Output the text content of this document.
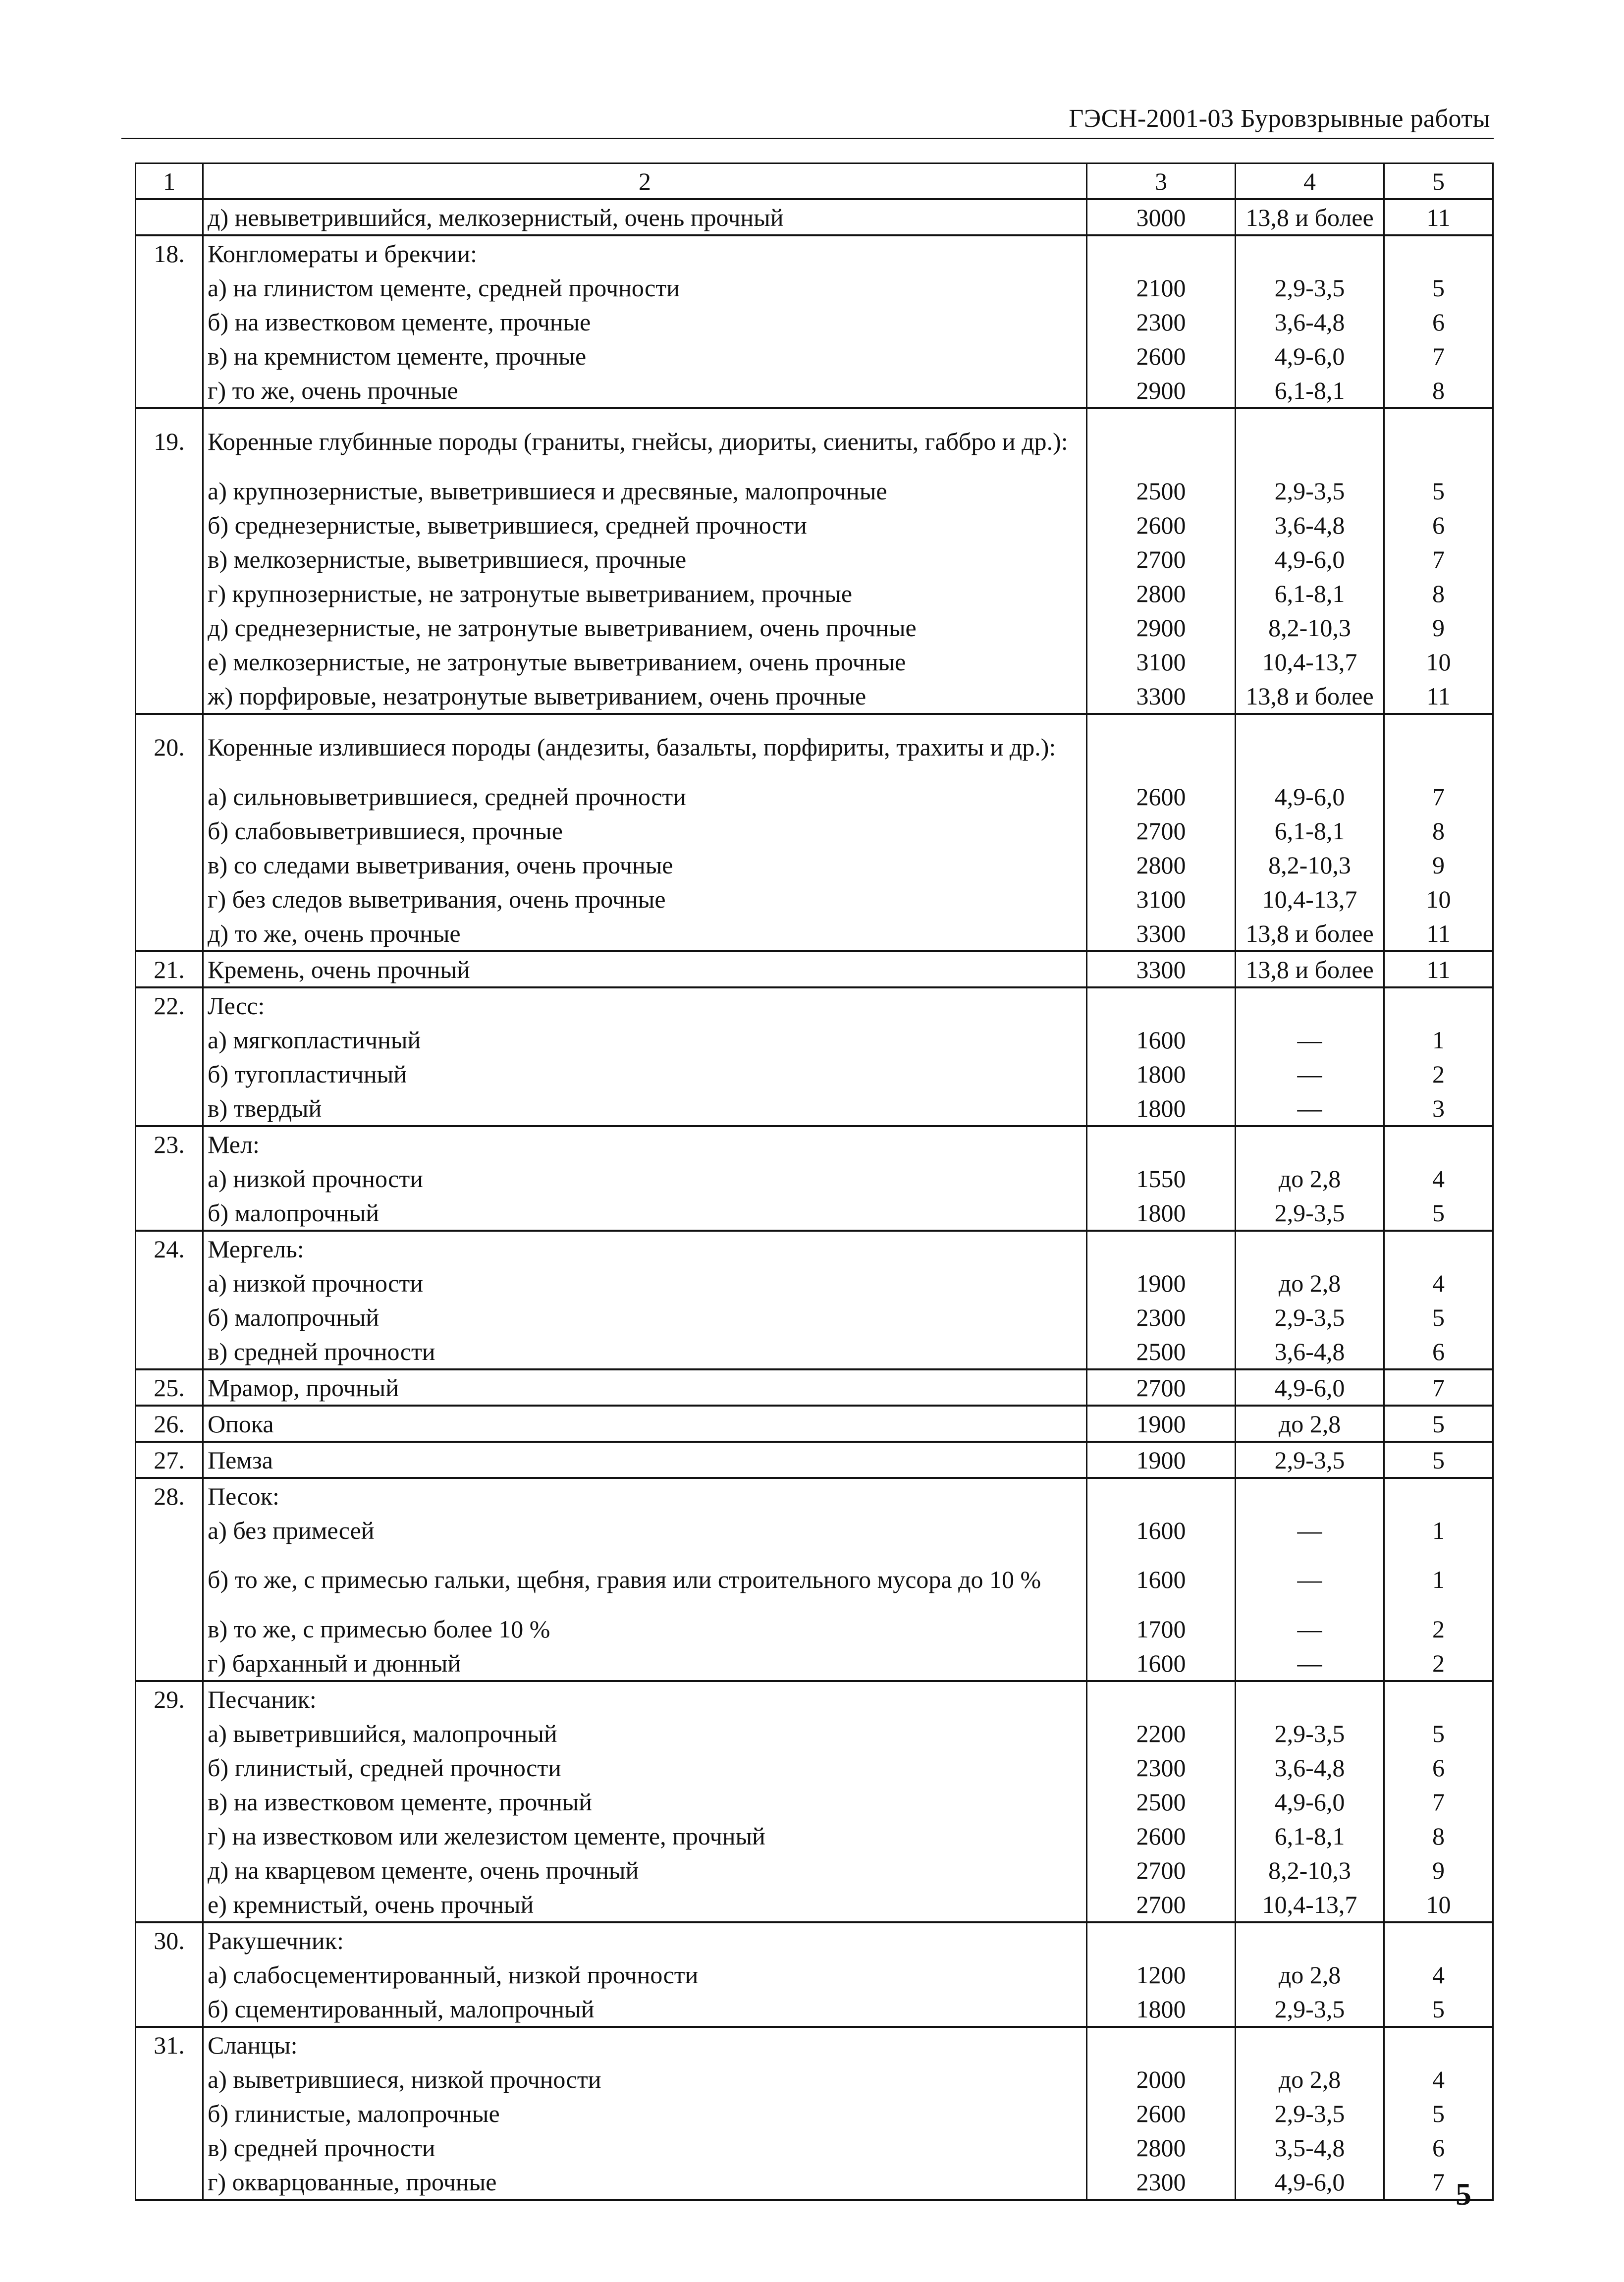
ГЭСН-2001-03 Буровзрывные работы
1	2	3	4	5
	д) невыветрившийся, мелкозернистый, очень прочный	3000	13,8 и более	11
18.	Конгломераты и брекчии:			
	а) на глинистом цементе, средней прочности	2100	2,9-3,5	5
	б) на известковом цементе, прочные	2300	3,6-4,8	6
	в) на кремнистом цементе, прочные	2600	4,9-6,0	7
	г) то же, очень прочные	2900	6,1-8,1	8
19.	Коренные глубинные породы (граниты, гнейсы, диориты, сиениты, габбро и др.):			
	а) крупнозернистые, выветрившиеся и дресвяные, малопрочные	2500	2,9-3,5	5
	б) среднезернистые, выветрившиеся, средней прочности	2600	3,6-4,8	6
	в) мелкозернистые, выветрившиеся, прочные	2700	4,9-6,0	7
	г) крупнозернистые, не затронутые выветриванием, прочные	2800	6,1-8,1	8
	д) среднезернистые, не затронутые выветриванием, очень прочные	2900	8,2-10,3	9
	е) мелкозернистые, не затронутые выветриванием, очень прочные	3100	10,4-13,7	10
	ж) порфировые, незатронутые выветриванием, очень прочные	3300	13,8 и более	11
20.	Коренные излившиеся породы (андезиты, базальты, порфириты, трахиты и др.):			
	а) сильновыветрившиеся, средней прочности	2600	4,9-6,0	7
	б) слабовыветрившиеся, прочные	2700	6,1-8,1	8
	в) со следами выветривания, очень прочные	2800	8,2-10,3	9
	г) без следов выветривания, очень прочные	3100	10,4-13,7	10
	д) то же, очень прочные	3300	13,8 и более	11
21.	Кремень, очень прочный	3300	13,8 и более	11
22.	Лесс:			
	а) мягкопластичный	1600	—	1
	б) тугопластичный	1800	—	2
	в) твердый	1800	—	3
23.	Мел:			
	а) низкой прочности	1550	до 2,8	4
	б) малопрочный	1800	2,9-3,5	5
24.	Мергель:			
	а) низкой прочности	1900	до 2,8	4
	б) малопрочный	2300	2,9-3,5	5
	в) средней прочности	2500	3,6-4,8	6
25.	Мрамор, прочный	2700	4,9-6,0	7
26.	Опока	1900	до 2,8	5
27.	Пемза	1900	2,9-3,5	5
28.	Песок:			
	а) без примесей	1600	—	1
	б) то же, с примесью гальки, щебня, гравия или строительного мусора до 10 %	1600	—	1
	в) то же, с примесью более 10 %	1700	—	2
	г) барханный и дюнный	1600	—	2
29.	Песчаник:			
	а) выветрившийся, малопрочный	2200	2,9-3,5	5
	б) глинистый, средней прочности	2300	3,6-4,8	6
	в) на известковом цементе, прочный	2500	4,9-6,0	7
	г) на известковом или железистом цементе, прочный	2600	6,1-8,1	8
	д) на кварцевом цементе, очень прочный	2700	8,2-10,3	9
	е) кремнистый, очень прочный	2700	10,4-13,7	10
30.	Ракушечник:			
	а) слабосцементированный, низкой прочности	1200	до 2,8	4
	б) сцементированный, малопрочный	1800	2,9-3,5	5
31.	Сланцы:			
	а) выветрившиеся, низкой прочности	2000	до 2,8	4
	б) глинистые, малопрочные	2600	2,9-3,5	5
	в) средней прочности	2800	3,5-4,8	6
	г) окварцованные, прочные	2300	4,9-6,0	7 5
